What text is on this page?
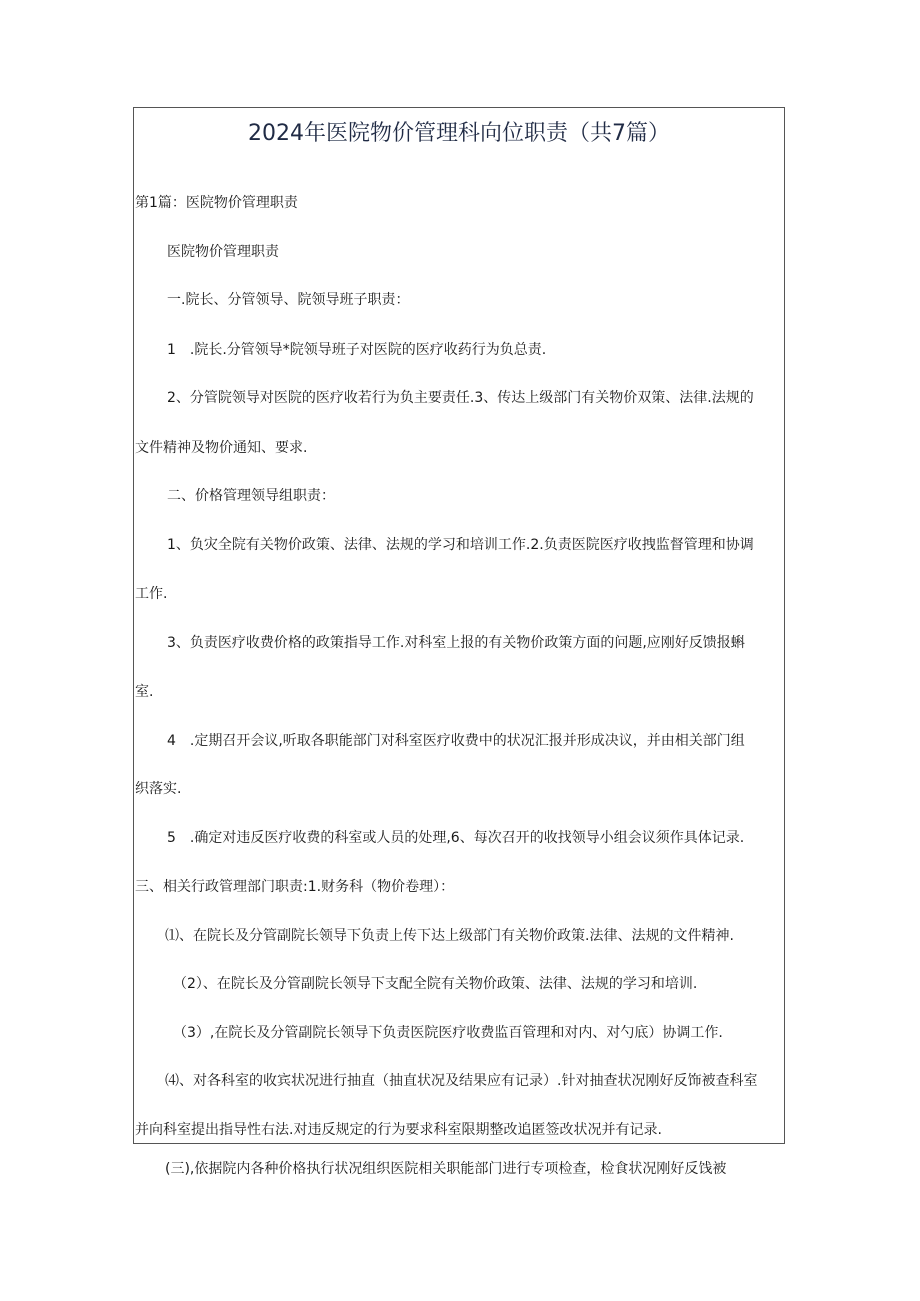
2024年医院物价管理科向位职责（共7篇）
第1篇：医院物价管理职责
医院物价管理职责
一.院长、分管领导、院领导班子职责：
1　.院长.分管领导*院领导班子对医院的医疗收药行为负总责.
2、分管院领导对医院的医疗收若行为负主要责任.3、传达上级部门有关物价双策、法律.法规的
文件精神及物价通知、要求.
二、价格管理领导组职责：
1、负灾全院有关物价政策、法律、法规的学习和培训工作.2.负责医院医疗收拽监督管理和协调
工作.
3、负责医疗收费价格的政策指导工作.对科室上报的有关物价政策方面的问题,应刚好反馈报蝌
室.
4　.定期召开会议,听取各职能部门对科室医疗收费中的状况汇报并形成决议，并由相关部门组
织落实.
5　.确定对违反医疗收费的科室或人员的处理,6、每次召开的收找领导小组会议须作具体记录.
三、相关行政管理部门职责:1.财务科（物价卷理）：
⑴、在院长及分管副院长领导下负责上传下达上级部门有关物价政策.法律、法规的文件精神.
（2）、在院长及分管副院长领导下支配全院有关物价政策、法律、法规的学习和培训.
（3）,在院长及分管副院长领导下负责医院医疗收费监百管理和对内、对勺底）协调工作.
⑷、对各科室的收宾状况进行抽直（抽直状况及结果应有记录）.针对抽查状况刚好反饰被查科室
并向科室提出指导性右法.对违反规定的行为要求科室限期整改追匿签改状况并有记录.
(三),依据院内各种价格执行状况组织医院相关职能部门进行专项检查，检食状况刚好反饯被
